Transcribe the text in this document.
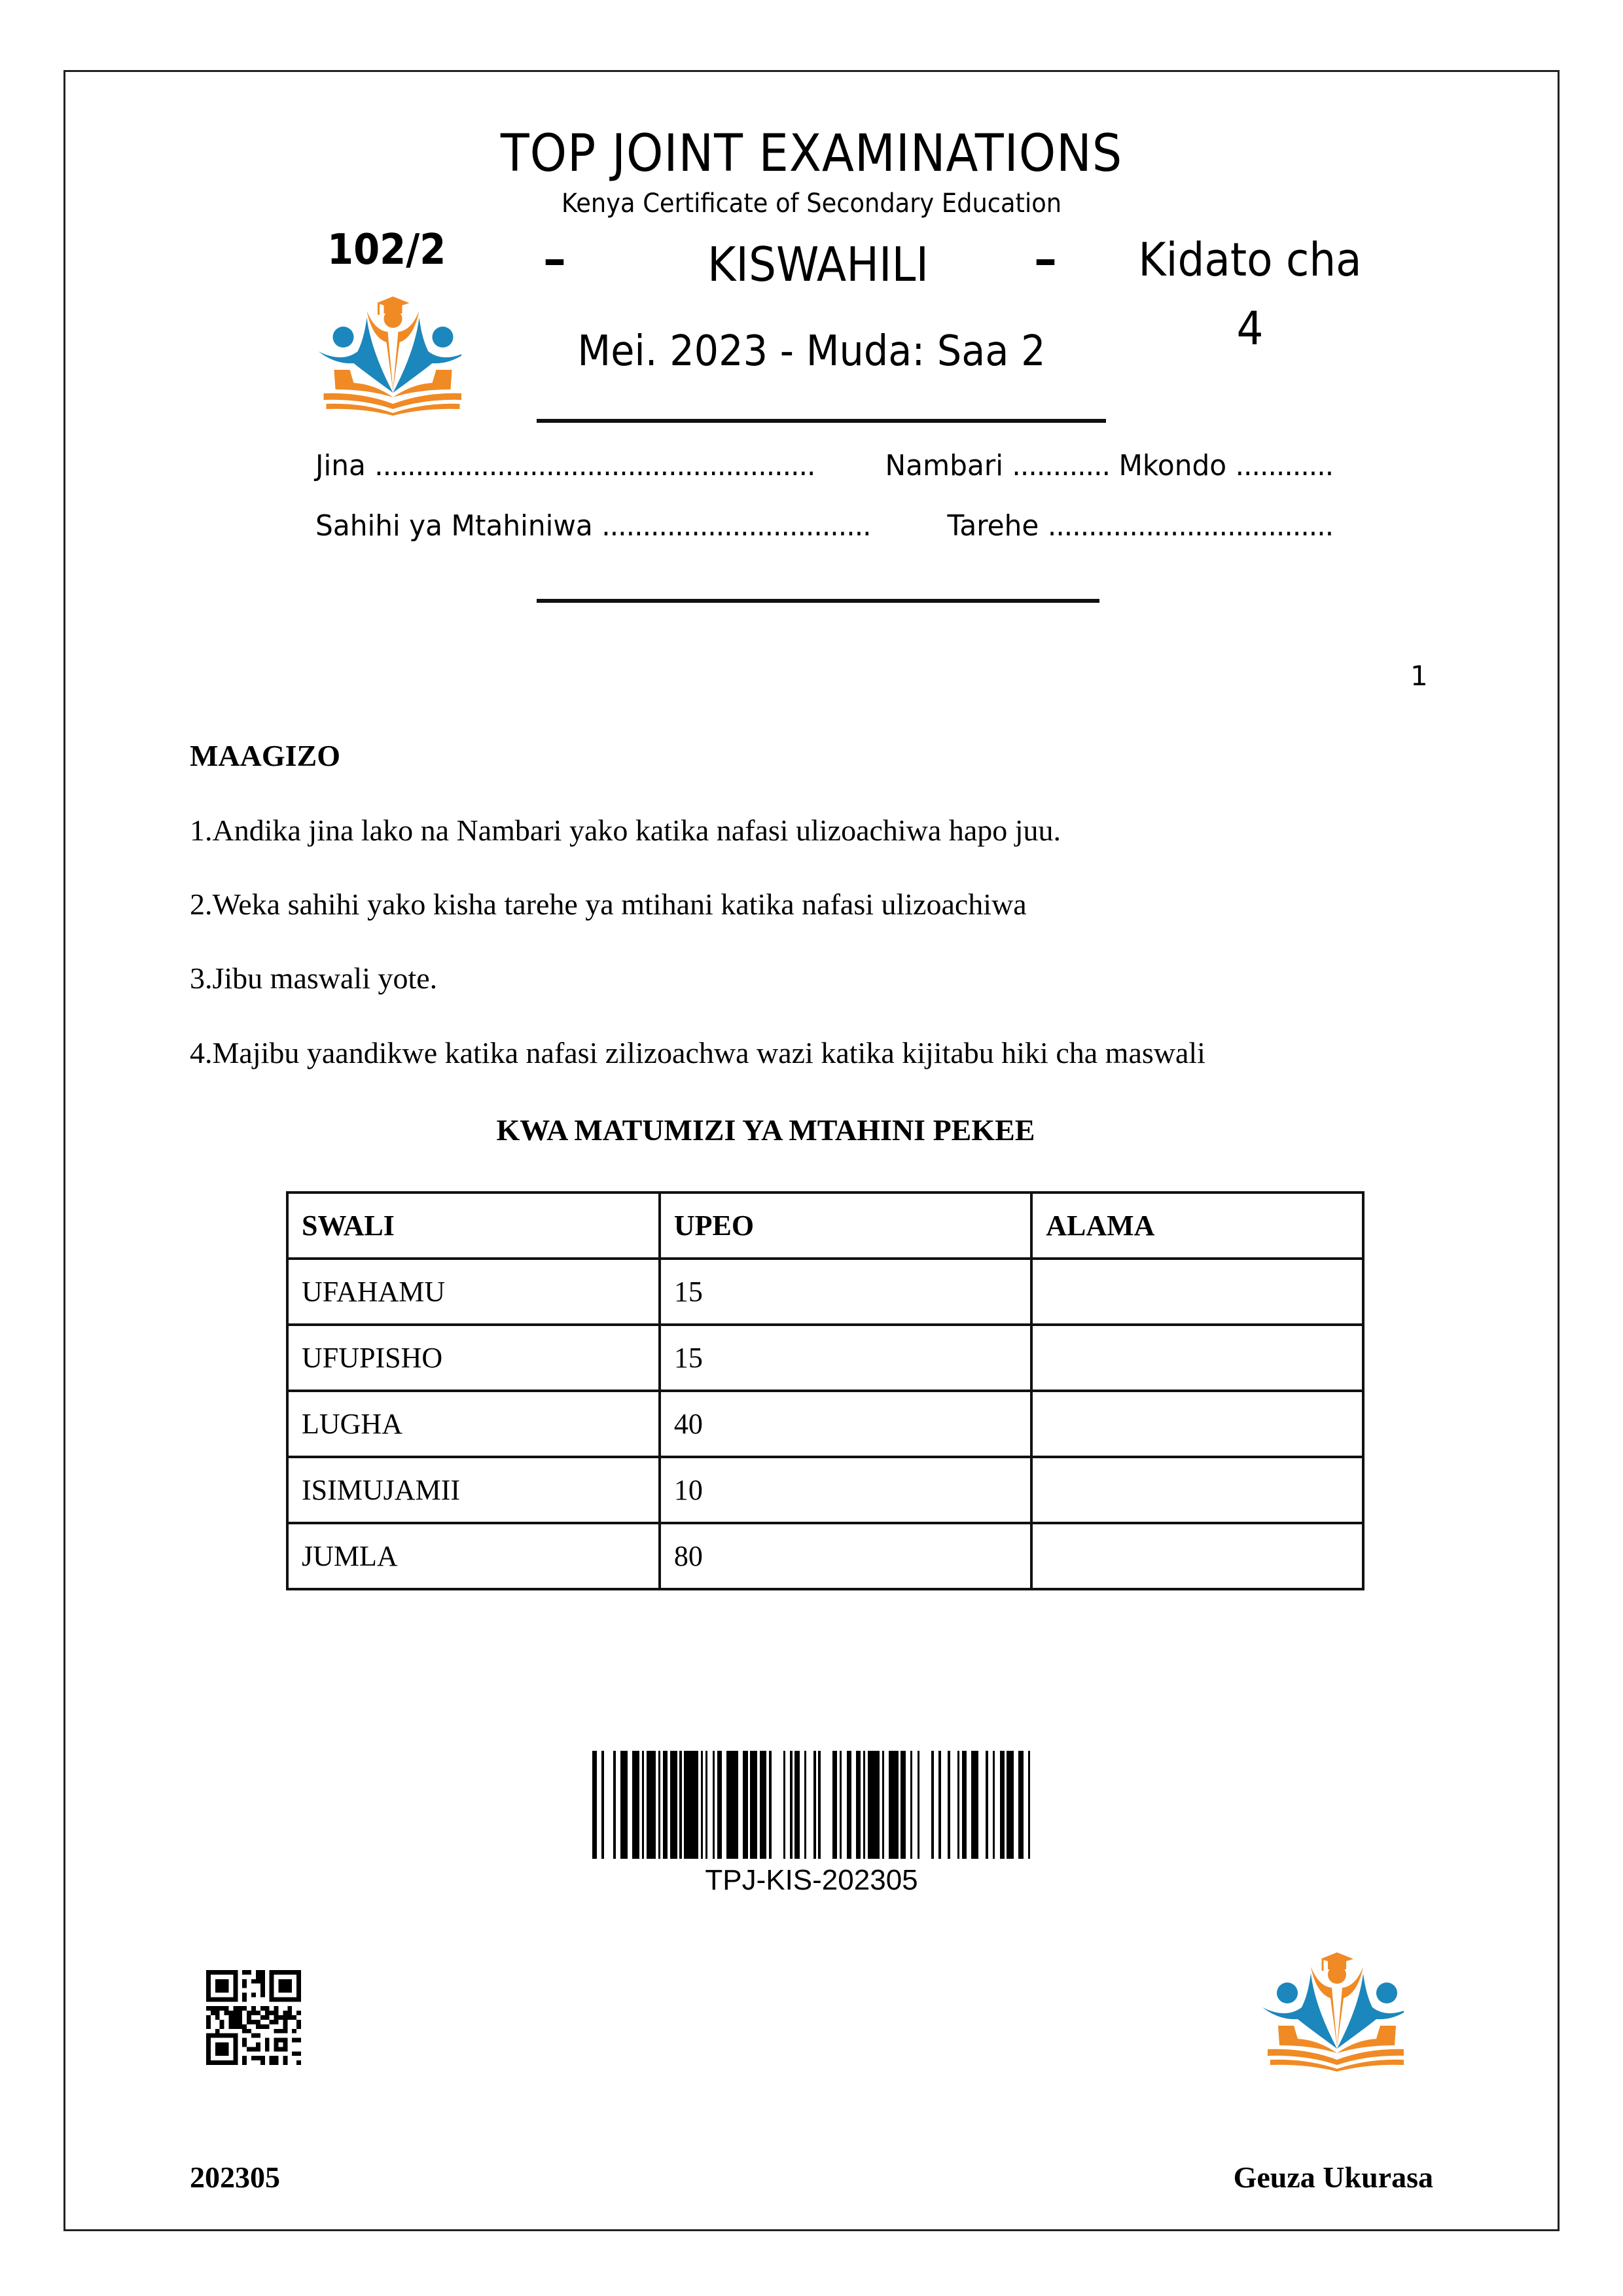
TOP JOINT EXAMINATIONS
Kenya Certificate of Secondary Education
102/2 –	KISWAHILI	–	Kidato cha
4
Mei. 2023 - Muda: Saa 2
Jina ...................................................... Nambari ............ Mkondo ............
Sahihi ya Mtahiniwa .................................	Tarehe ...................................
1
MAAGIZO
1.Andika jina lako na Nambari yako katika nafasi ulizoachiwa hapo juu.
2.Weka sahihi yako kisha tarehe ya mtihani katika nafasi ulizoachiwa
3.Jibu maswali yote.
4.Majibu yaandikwe katika nafasi zilizoachwa wazi katika kijitabu hiki cha maswali
KWA MATUMIZI YA MTAHINI PEKEE
SWALI	UPEO	ALAMA
UFAHAMU	15	
UFUPISHO	15	
LUGHA	40	
ISIMUJAMII	10	
JUMLA	80	
TPJ-KIS-202305
202305	Geuza Ukurasa
